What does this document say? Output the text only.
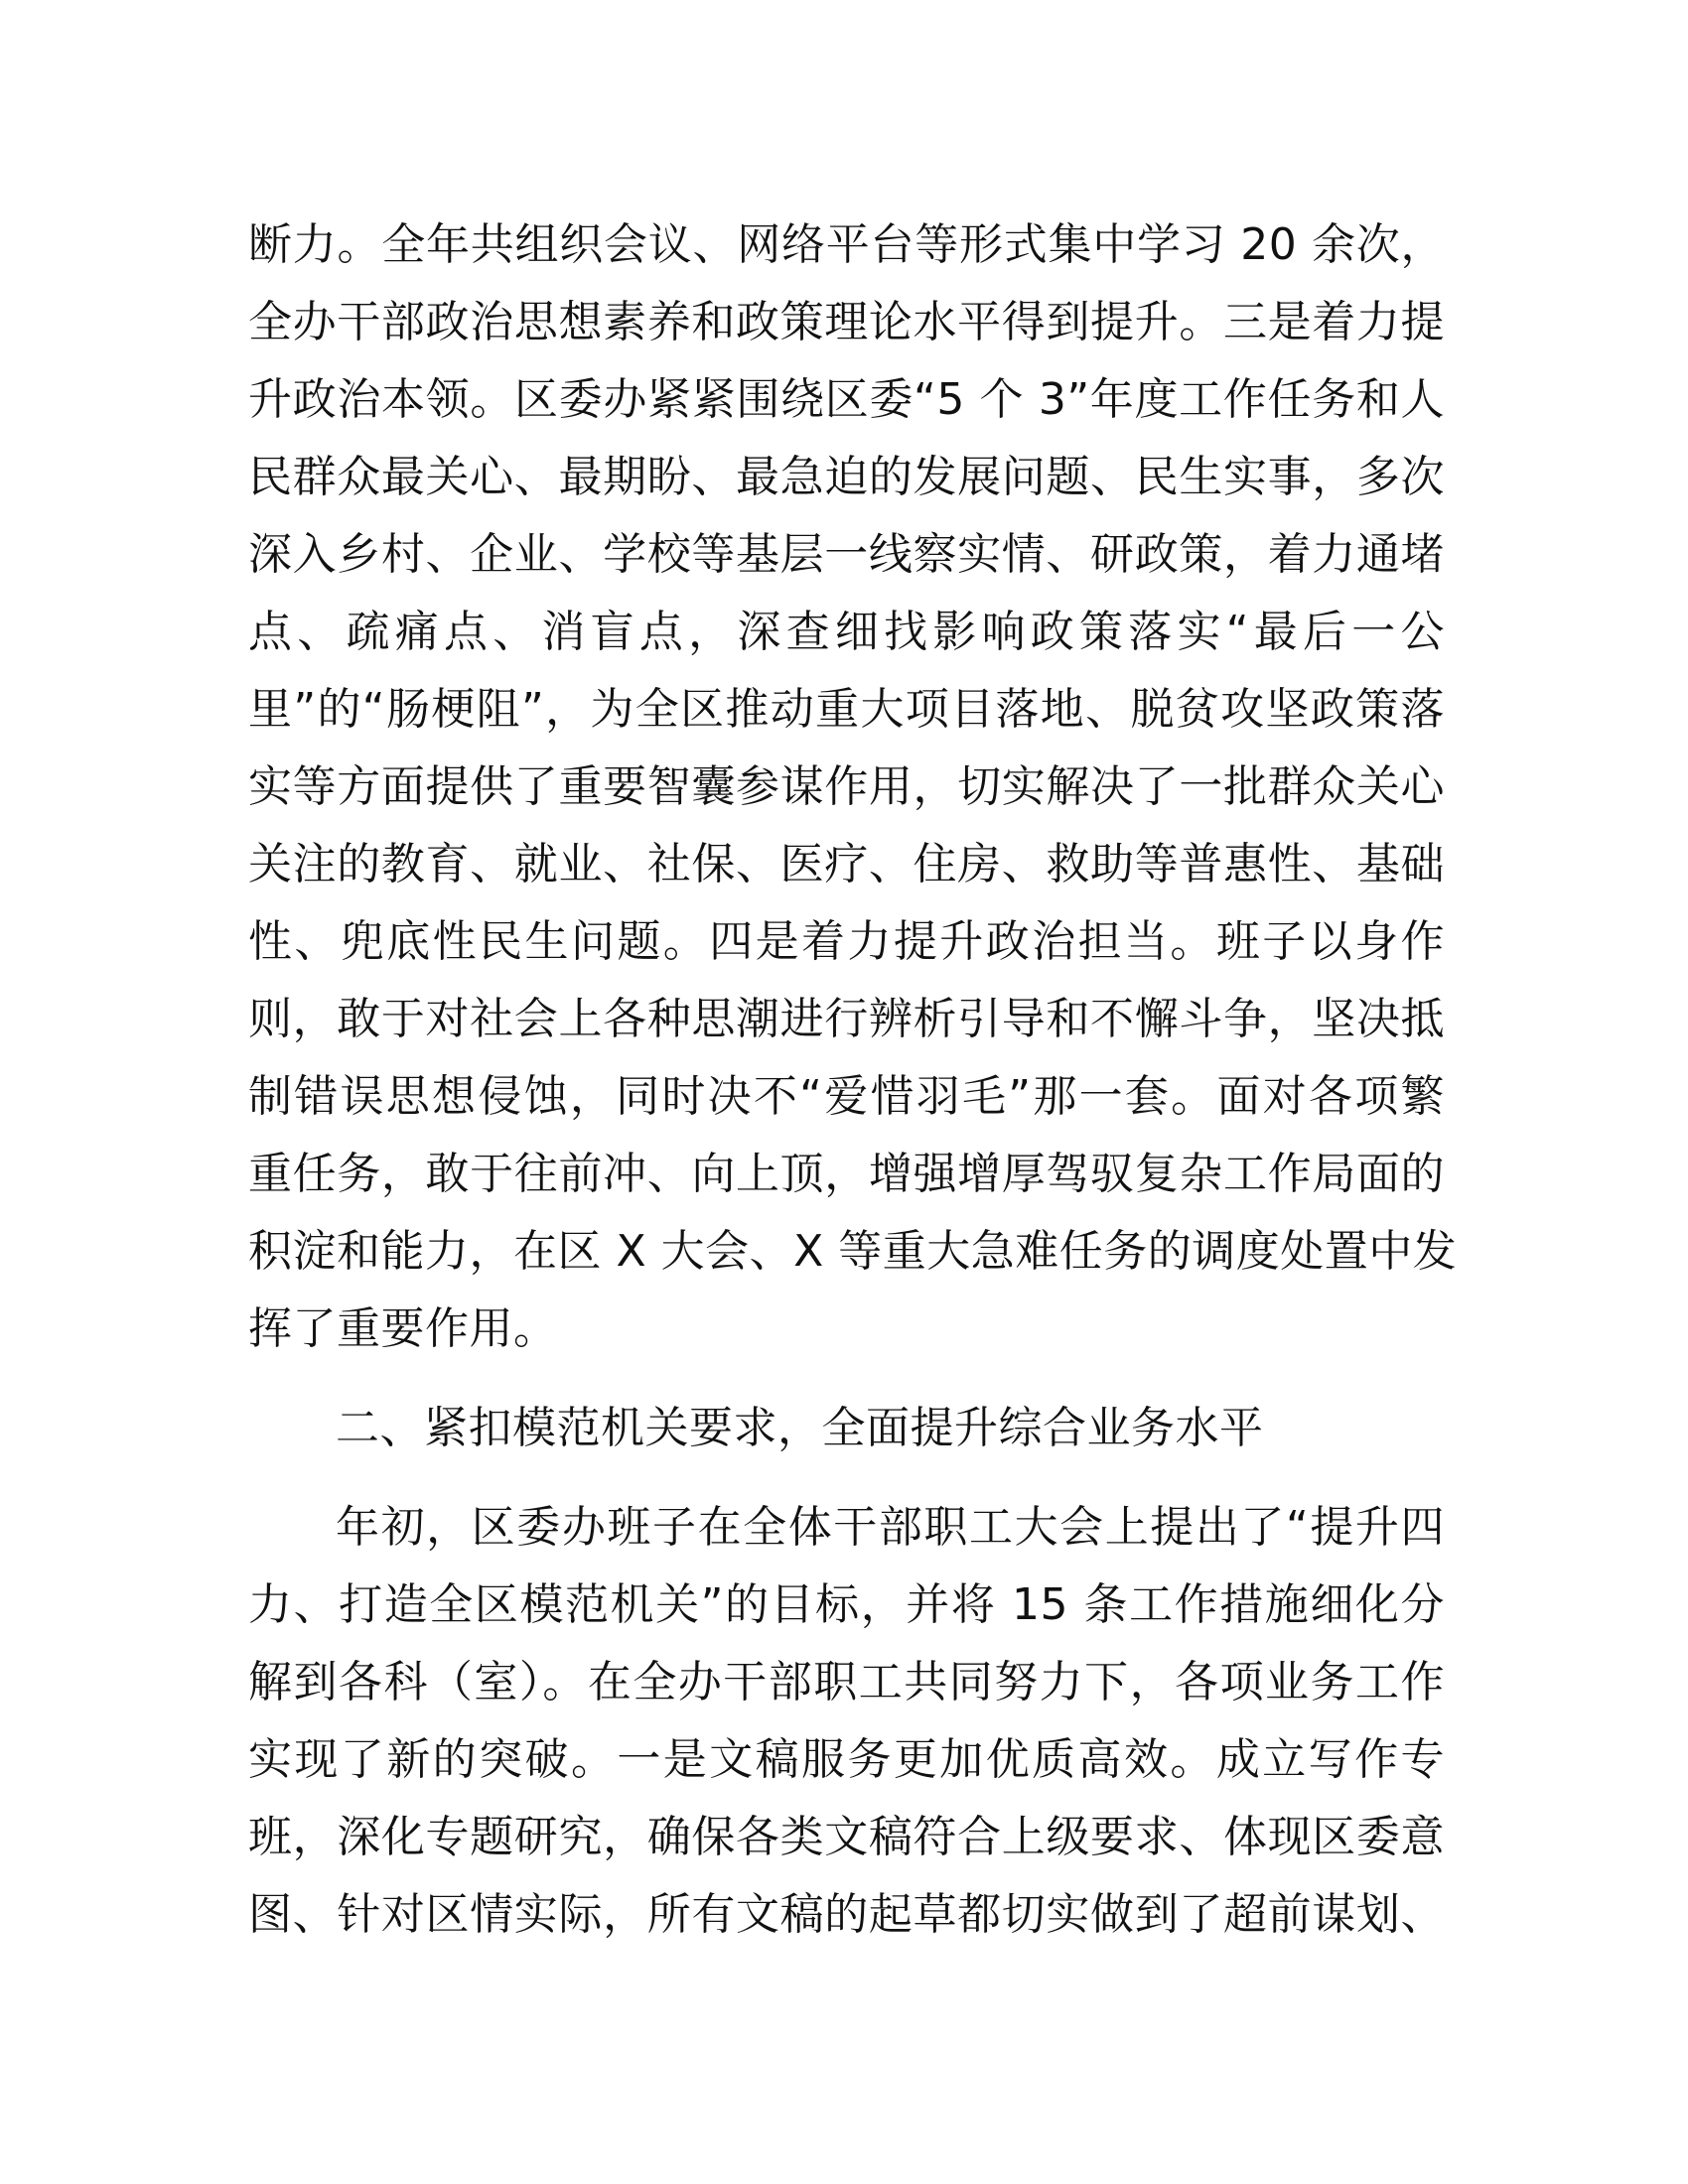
断力。全年共组织会议、网络平台等形式集中学习 20 余次，
全办干部政治思想素养和政策理论水平得到提升。三是着力提
升政治本领。区委办紧紧围绕区委“5 个 3”年度工作任务和人
民群众最关心、最期盼、最急迫的发展问题、民生实事，多次
深入乡村、企业、学校等基层一线察实情、研政策，着力通堵
点、疏痛点、消盲点，深查细找影响政策落实“最后一公
里”的“肠梗阻”，为全区推动重大项目落地、脱贫攻坚政策落
实等方面提供了重要智囊参谋作用，切实解决了一批群众关心
关注的教育、就业、社保、医疗、住房、救助等普惠性、基础
性、兜底性民生问题。四是着力提升政治担当。班子以身作
则，敢于对社会上各种思潮进行辨析引导和不懈斗争，坚决抵
制错误思想侵蚀，同时决不“爱惜羽毛”那一套。面对各项繁
重任务，敢于往前冲、向上顶，增强增厚驾驭复杂工作局面的
积淀和能力，在区 X 大会、X 等重大急难任务的调度处置中发
挥了重要作用。
二、紧扣模范机关要求，全面提升综合业务水平
年初，区委办班子在全体干部职工大会上提出了“提升四
力、打造全区模范机关”的目标，并将 15 条工作措施细化分
解到各科（室）。在全办干部职工共同努力下，各项业务工作
实现了新的突破。一是文稿服务更加优质高效。成立写作专
班，深化专题研究，确保各类文稿符合上级要求、体现区委意
图、针对区情实际，所有文稿的起草都切实做到了超前谋划、
